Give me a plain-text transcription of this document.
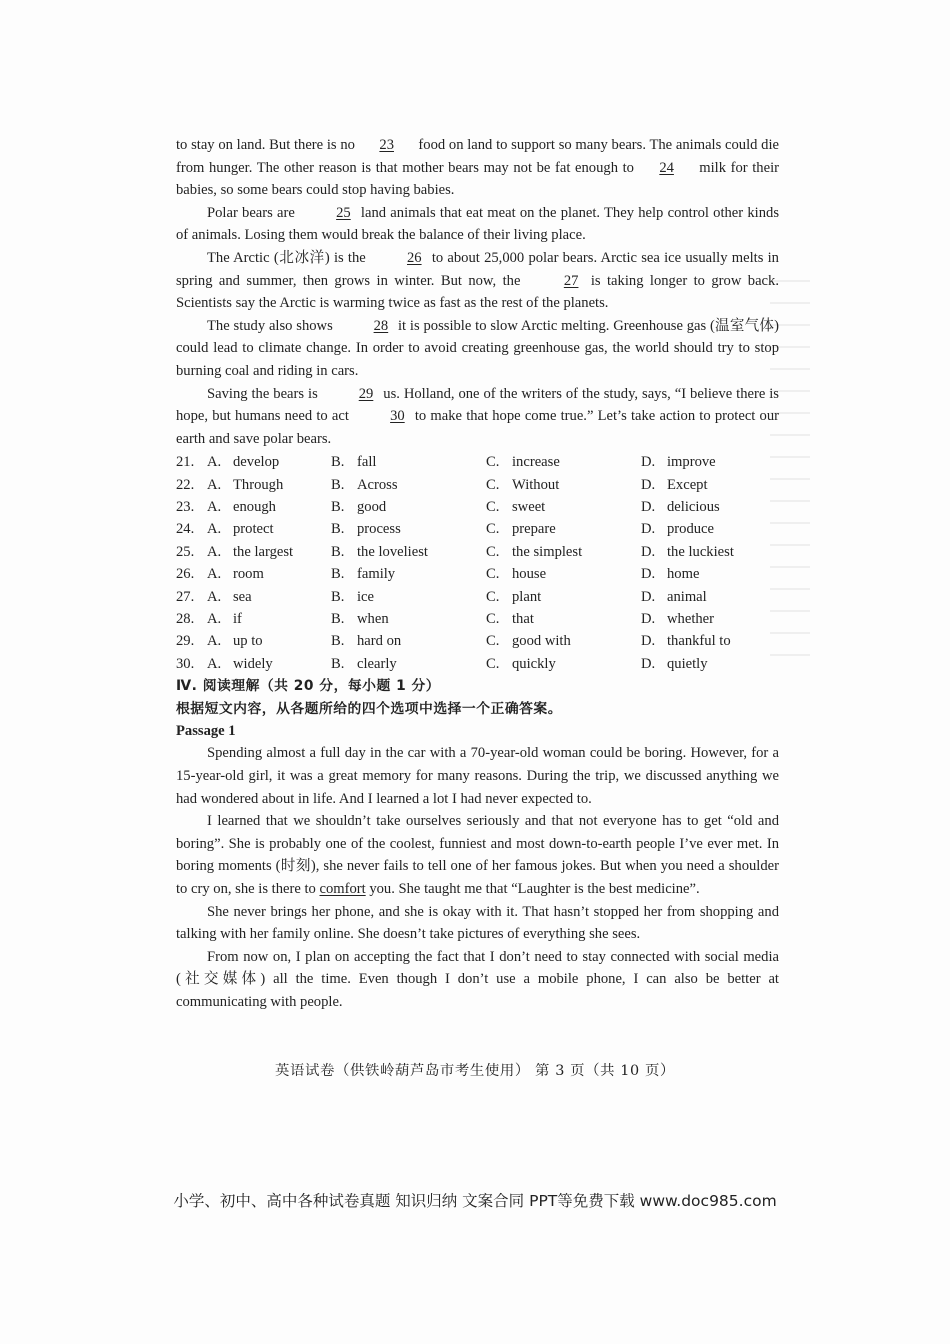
to stay on land. But there is no 23 food on land to support so many bears. The animals could die from hunger. The other reason is that mother bears may not be fat enough to 24 milk for their babies, so some bears could stop having babies.

Polar bears are	25 land animals that eat meat on the planet. They help control other kinds of animals. Losing them would break the balance of their living place.

The Arctic (北冰洋) is the	26 to about 25,000 polar bears. Arctic sea ice usually melts in spring and summer, then grows in winter. But now, the	27 is taking longer to grow back. Scientists say the Arctic is warming twice as fast as the rest of the planets.

The study also shows	28 it is possible to slow Arctic melting. Greenhouse gas (温室气体) could lead to climate change. In order to avoid creating greenhouse gas, the world should try to stop burning coal and riding in cars.

Saving the bears is	29 us. Holland, one of the writers of the study, says, “I believe there is hope, but humans need to act	30 to make that hope come true.” Let’s take action to protect our earth and save polar bears.

21. A. develop	B. fall	C. increase	D. improve
22. A. Through	B. Across	C. Without	D. Except
23. A. enough	B. good	C. sweet	D. delicious
24. A. protect	B. process	C. prepare	D. produce
25. A. the largest	B. the loveliest	C. the simplest	D. the luckiest
26. A. room	B. family	C. house	D. home
27. A. sea	B. ice	C. plant	D. animal
28. A. if	B. when	C. that	D. whether
29. A. up to	B. hard on	C. good with	D. thankful to
30. A. widely	B. clearly	C. quickly	D. quietly

Ⅳ. 阅读理解（共 20 分，每小题 1 分）

根据短文内容，从各题所给的四个选项中选择一个正确答案。

Passage 1

Spending almost a full day in the car with a 70-year-old woman could be boring. However, for a 15-year-old girl, it was a great memory for many reasons. During the trip, we discussed anything we had wondered about in life. And I learned a lot I had never expected to.

I learned that we shouldn’t take ourselves seriously and that not everyone has to get “old and boring”. She is probably one of the coolest, funniest and most down-to-earth people I’ve ever met. In boring moments (时刻), she never fails to tell one of her famous jokes. But when you need a shoulder to cry on, she is there to comfort you. She taught me that “Laughter is the best medicine”.

She never brings her phone, and she is okay with it. That hasn’t stopped her from shopping and talking with her family online. She doesn’t take pictures of everything she sees.

From now on, I plan on accepting the fact that I don’t need to stay connected with social media (社交媒体) all the time. Even though I don’t use a mobile phone, I can also be better at communicating with people.

英语试卷（供铁岭葫芦岛市考生使用） 第 3 页（共 10 页）
小学、初中、高中各种试卷真题 知识归纳 文案合同 PPT等免费下载 www.doc985.com
